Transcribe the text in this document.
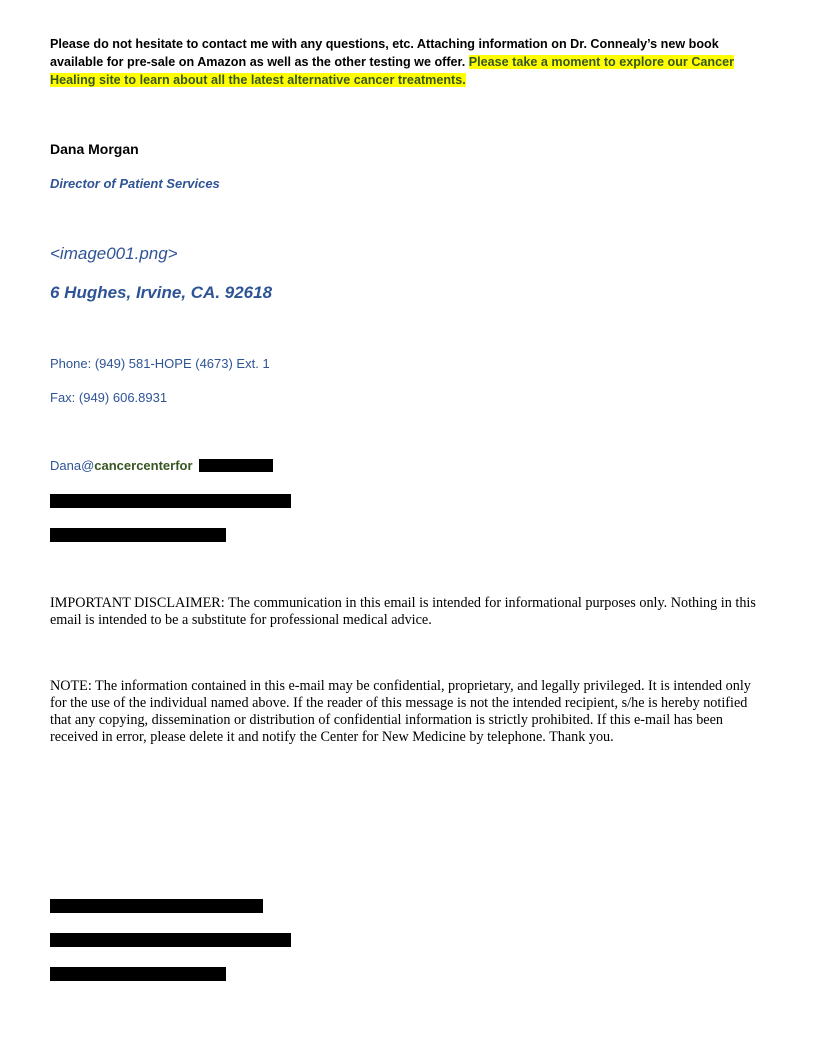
Please do not hesitate to contact me with any questions, etc. Attaching information on Dr. Connealy’s new book available for pre-sale on Amazon as well as the other testing we offer. Please take a moment to explore our Cancer Healing site to learn about all the latest alternative cancer treatments.
Dana Morgan
Director of Patient Services
<image001.png>
6 Hughes, Irvine, CA. 92618
Phone: (949) 581-HOPE (4673) Ext. 1
Fax: (949) 606.8931
Dana@cancercenterfor
IMPORTANT DISCLAIMER: The communication in this email is intended for informational purposes only. Nothing in this email is intended to be a substitute for professional medical advice.
NOTE: The information contained in this e-mail may be confidential, proprietary, and legally privileged. It is intended only for the use of the individual named above. If the reader of this message is not the intended recipient, s/he is hereby notified that any copying, dissemination or distribution of confidential information is strictly prohibited. If this e-mail has been received in error, please delete it and notify the Center for New Medicine by telephone. Thank you.
